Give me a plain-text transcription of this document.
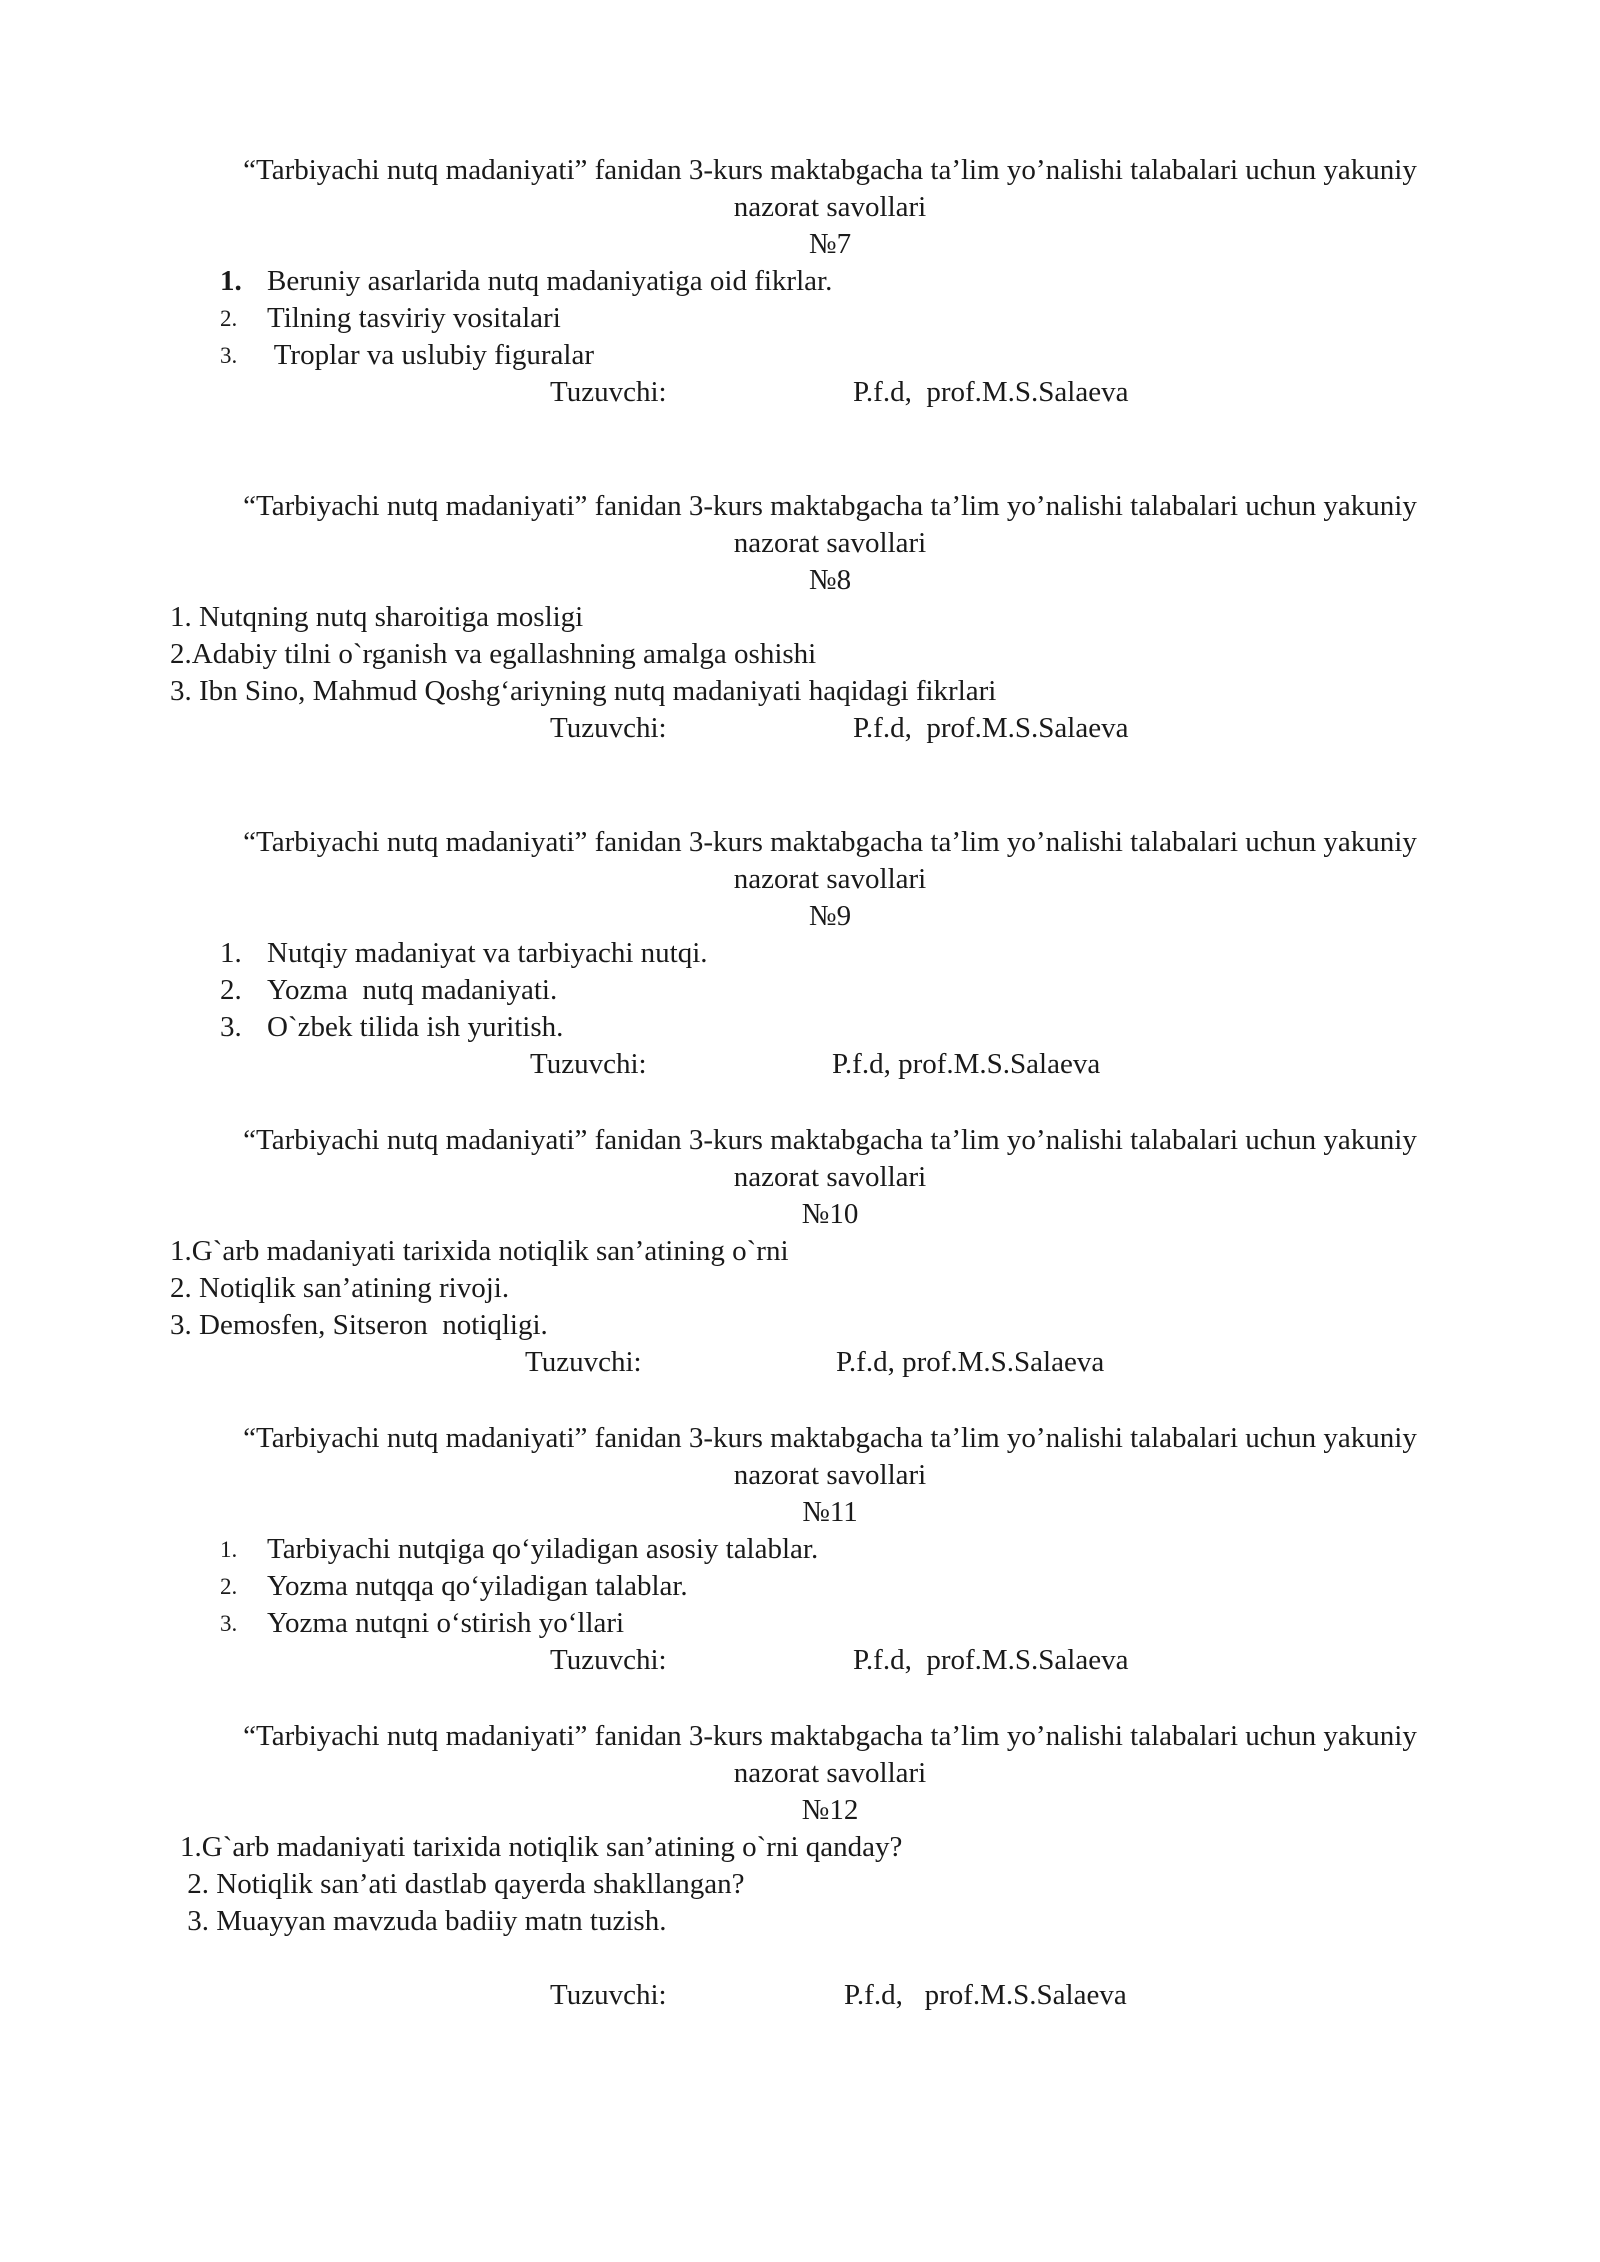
“Tarbiyachi nutq madaniyati” fanidan 3-kurs maktabgacha ta’lim yo’nalishi talabalari uchun yakuniy
nazorat savollari

№7

1. Beruniy asarlarida nutq madaniyatiga oid fikrlar.
2.	Tilning tasviriy vositalari
3.	Troplar va uslubiy figuralar
Tuzuvchi:	P.f.d,  prof.M.S.Salaeva

“Tarbiyachi nutq madaniyati” fanidan 3-kurs maktabgacha ta’lim yo’nalishi talabalari uchun yakuniy
nazorat savollari

№8

1. Nutqning nutq sharoitiga mosligi
2.Adabiy tilni o`rganish va egallashning amalga oshishi
3. Ibn Sino, Mahmud Qoshg‘ariyning nutq madaniyati haqidagi fikrlari
Tuzuvchi:	P.f.d,  prof.M.S.Salaeva

“Tarbiyachi nutq madaniyati” fanidan 3-kurs maktabgacha ta’lim yo’nalishi talabalari uchun yakuniy
nazorat savollari

№9

1. Nutqiy madaniyat va tarbiyachi nutqi.
2. Yozma  nutq madaniyati.
3. O`zbek tilida ish yuritish.
Tuzuvchi:	P.f.d, prof.M.S.Salaeva

“Tarbiyachi nutq madaniyati” fanidan 3-kurs maktabgacha ta’lim yo’nalishi talabalari uchun yakuniy
nazorat savollari

№10

1.G`arb madaniyati tarixida notiqlik san’atining o`rni
2. Notiqlik san’atining rivoji.
3. Demosfen, Sitseron  notiqligi.
Tuzuvchi:	P.f.d, prof.M.S.Salaeva

“Tarbiyachi nutq madaniyati” fanidan 3-kurs maktabgacha ta’lim yo’nalishi talabalari uchun yakuniy
nazorat savollari

№11

1.	Tarbiyachi nutqiga qo‘yiladigan asosiy talablar.
2.	Yozma nutqqa qo‘yiladigan talablar.
3.	Yozma nutqni o‘stirish yo‘llari
Tuzuvchi:	P.f.d,  prof.M.S.Salaeva

“Tarbiyachi nutq madaniyati” fanidan 3-kurs maktabgacha ta’lim yo’nalishi talabalari uchun yakuniy
nazorat savollari

№12

1.G`arb madaniyati tarixida notiqlik san’atining o`rni qanday?
2. Notiqlik san’ati dastlab qayerda shakllangan?
3. Muayyan mavzuda badiiy matn tuzish.
Tuzuvchi:	P.f.d,   prof.M.S.Salaeva
